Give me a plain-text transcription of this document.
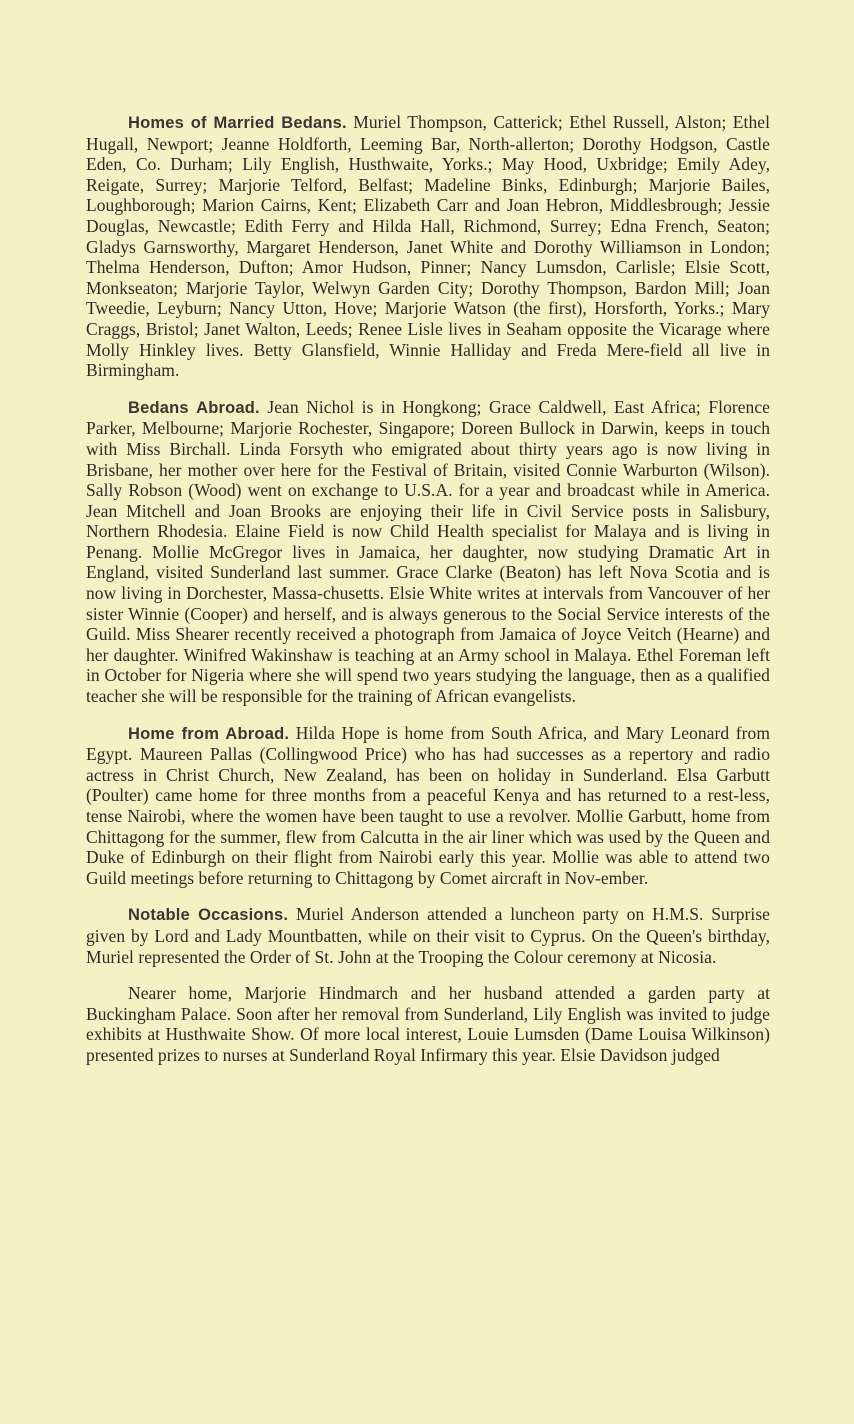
Homes of Married Bedans. Muriel Thompson, Catterick; Ethel Russell, Alston; Ethel Hugall, Newport; Jeanne Holdforth, Leeming Bar, North-allerton; Dorothy Hodgson, Castle Eden, Co. Durham; Lily English, Husthwaite, Yorks.; May Hood, Uxbridge; Emily Adey, Reigate, Surrey; Marjorie Telford, Belfast; Madeline Binks, Edinburgh; Marjorie Bailes, Loughborough; Marion Cairns, Kent; Elizabeth Carr and Joan Hebron, Middlesbrough; Jessie Douglas, Newcastle; Edith Ferry and Hilda Hall, Richmond, Surrey; Edna French, Seaton; Gladys Garnsworthy, Margaret Henderson, Janet White and Dorothy Williamson in London; Thelma Henderson, Dufton; Amor Hudson, Pinner; Nancy Lumsdon, Carlisle; Elsie Scott, Monkseaton; Marjorie Taylor, Welwyn Garden City; Dorothy Thompson, Bardon Mill; Joan Tweedie, Leyburn; Nancy Utton, Hove; Marjorie Watson (the first), Horsforth, Yorks.; Mary Craggs, Bristol; Janet Walton, Leeds; Renee Lisle lives in Seaham opposite the Vicarage where Molly Hinkley lives. Betty Glansfield, Winnie Halliday and Freda Mere-field all live in Birmingham.

Bedans Abroad. Jean Nichol is in Hongkong; Grace Caldwell, East Africa; Florence Parker, Melbourne; Marjorie Rochester, Singapore; Doreen Bullock in Darwin, keeps in touch with Miss Birchall. Linda Forsyth who emigrated about thirty years ago is now living in Brisbane, her mother over here for the Festival of Britain, visited Connie Warburton (Wilson). Sally Robson (Wood) went on exchange to U.S.A. for a year and broadcast while in America. Jean Mitchell and Joan Brooks are enjoying their life in Civil Service posts in Salisbury, Northern Rhodesia. Elaine Field is now Child Health specialist for Malaya and is living in Penang. Mollie McGregor lives in Jamaica, her daughter, now studying Dramatic Art in England, visited Sunderland last summer. Grace Clarke (Beaton) has left Nova Scotia and is now living in Dorchester, Massa-chusetts. Elsie White writes at intervals from Vancouver of her sister Winnie (Cooper) and herself, and is always generous to the Social Service interests of the Guild. Miss Shearer recently received a photograph from Jamaica of Joyce Veitch (Hearne) and her daughter. Winifred Wakinshaw is teaching at an Army school in Malaya. Ethel Foreman left in October for Nigeria where she will spend two years studying the language, then as a qualified teacher she will be responsible for the training of African evangelists.

Home from Abroad. Hilda Hope is home from South Africa, and Mary Leonard from Egypt. Maureen Pallas (Collingwood Price) who has had successes as a repertory and radio actress in Christ Church, New Zealand, has been on holiday in Sunderland. Elsa Garbutt (Poulter) came home for three months from a peaceful Kenya and has returned to a rest-less, tense Nairobi, where the women have been taught to use a revolver. Mollie Garbutt, home from Chittagong for the summer, flew from Calcutta in the air liner which was used by the Queen and Duke of Edinburgh on their flight from Nairobi early this year. Mollie was able to attend two Guild meetings before returning to Chittagong by Comet aircraft in Nov-ember.

Notable Occasions. Muriel Anderson attended a luncheon party on H.M.S. Surprise given by Lord and Lady Mountbatten, while on their visit to Cyprus. On the Queen's birthday, Muriel represented the Order of St. John at the Trooping the Colour ceremony at Nicosia.

Nearer home, Marjorie Hindmarch and her husband attended a garden party at Buckingham Palace. Soon after her removal from Sunderland, Lily English was invited to judge exhibits at Husthwaite Show. Of more local interest, Louie Lumsden (Dame Louisa Wilkinson) presented prizes to nurses at Sunderland Royal Infirmary this year. Elsie Davidson judged
